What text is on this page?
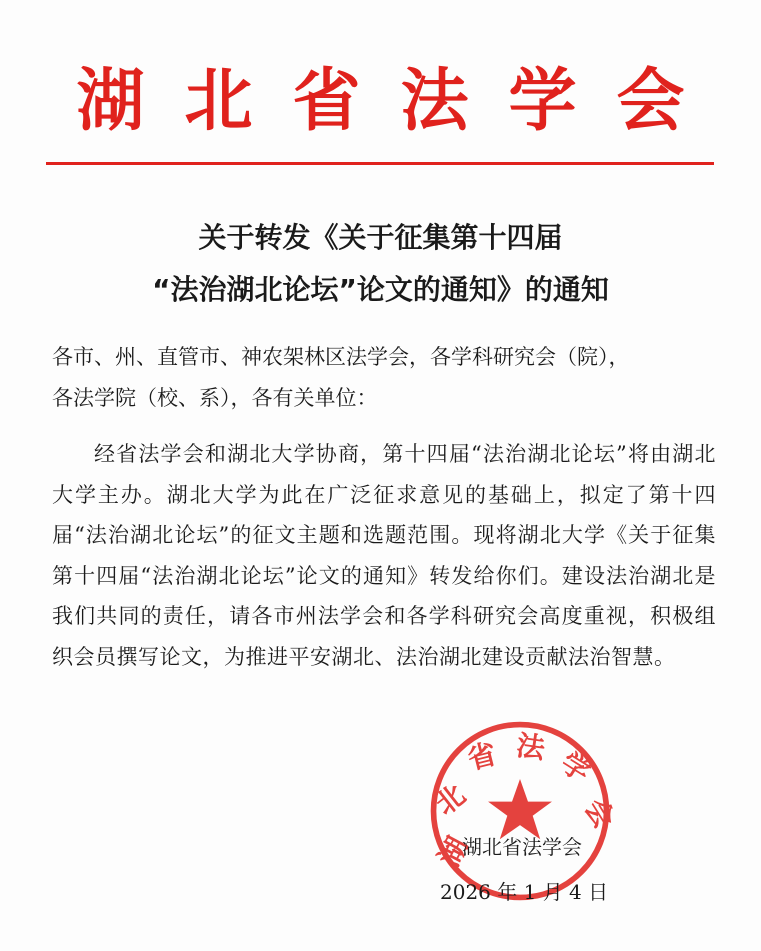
湖北省法学会
关于转发《关于征集第十四届
“法治湖北论坛”论文的通知》的通知
各市、州、直管市、神农架林区法学会，各学科研究会（院），
各法学院（校、系），各有关单位：
经省法学会和湖北大学协商，第十四届“法治湖北论坛”将由湖北大学主办。湖北大学为此在广泛征求意见的基础上，拟定了第十四届“法治湖北论坛”的征文主题和选题范围。现将湖北大学《关于征集第十四届“法治湖北论坛”论文的通知》转发给你们。建设法治湖北是我们共同的责任，请各市州法学会和各学科研究会高度重视，积极组织会员撰写论文，为推进平安湖北、法治湖北建设贡献法治智慧。
湖
北
省 法 学
会
湖北省法学会
2026 年 1 月 4 日
